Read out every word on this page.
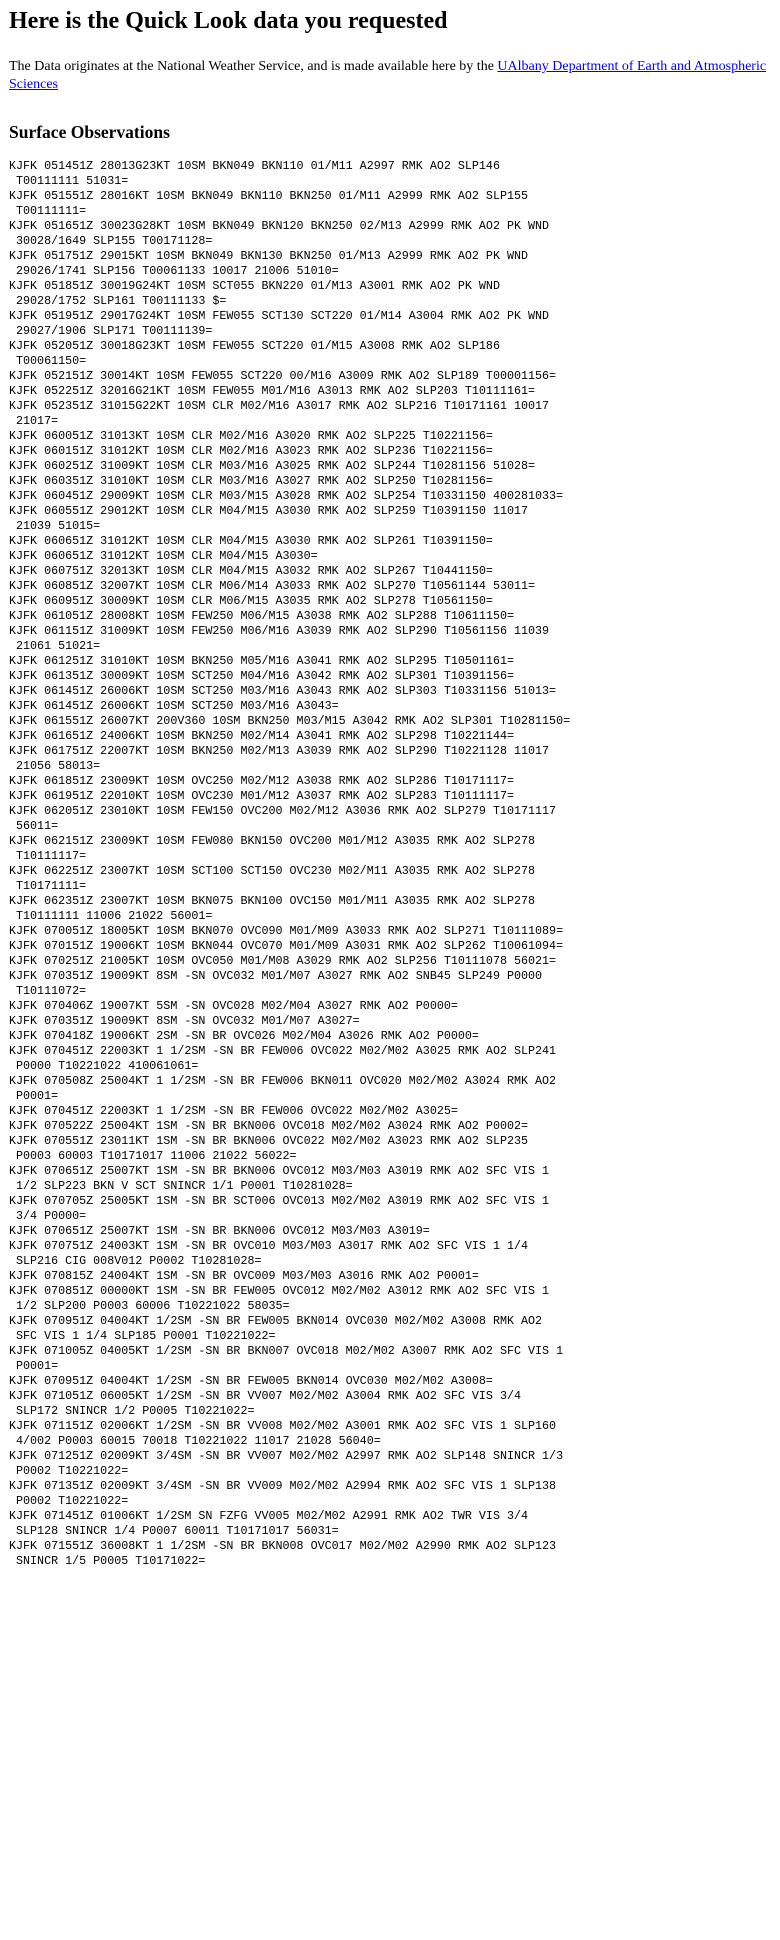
Here is the Quick Look data you requested

The Data originates at the National Weather Service, and is made available here by the UAlbany Department of Earth and Atmospheric Sciences

Surface Observations
KJFK 051451Z 28013G23KT 10SM BKN049 BKN110 01/M11 A2997 RMK AO2 SLP146
T00111111 51031=
KJFK 051551Z 28016KT 10SM BKN049 BKN110 BKN250 01/M11 A2999 RMK AO2 SLP155
T00111111=
KJFK 051651Z 30023G28KT 10SM BKN049 BKN120 BKN250 02/M13 A2999 RMK AO2 PK WND
30028/1649 SLP155 T00171128=
KJFK 051751Z 29015KT 10SM BKN049 BKN130 BKN250 01/M13 A2999 RMK AO2 PK WND
29026/1741 SLP156 T00061133 10017 21006 51010=
KJFK 051851Z 30019G24KT 10SM SCT055 BKN220 01/M13 A3001 RMK AO2 PK WND
29028/1752 SLP161 T00111133 $=
KJFK 051951Z 29017G24KT 10SM FEW055 SCT130 SCT220 01/M14 A3004 RMK AO2 PK WND
29027/1906 SLP171 T00111139=
KJFK 052051Z 30018G23KT 10SM FEW055 SCT220 01/M15 A3008 RMK AO2 SLP186
T00061150=
KJFK 052151Z 30014KT 10SM FEW055 SCT220 00/M16 A3009 RMK AO2 SLP189 T00001156=
KJFK 052251Z 32016G21KT 10SM FEW055 M01/M16 A3013 RMK AO2 SLP203 T10111161=
KJFK 052351Z 31015G22KT 10SM CLR M02/M16 A3017 RMK AO2 SLP216 T10171161 10017
21017=
KJFK 060051Z 31013KT 10SM CLR M02/M16 A3020 RMK AO2 SLP225 T10221156=
KJFK 060151Z 31012KT 10SM CLR M02/M16 A3023 RMK AO2 SLP236 T10221156=
KJFK 060251Z 31009KT 10SM CLR M03/M16 A3025 RMK AO2 SLP244 T10281156 51028=
KJFK 060351Z 31010KT 10SM CLR M03/M16 A3027 RMK AO2 SLP250 T10281156=
KJFK 060451Z 29009KT 10SM CLR M03/M15 A3028 RMK AO2 SLP254 T10331150 400281033=
KJFK 060551Z 29012KT 10SM CLR M04/M15 A3030 RMK AO2 SLP259 T10391150 11017
21039 51015=
KJFK 060651Z 31012KT 10SM CLR M04/M15 A3030 RMK AO2 SLP261 T10391150=
KJFK 060651Z 31012KT 10SM CLR M04/M15 A3030=
KJFK 060751Z 32013KT 10SM CLR M04/M15 A3032 RMK AO2 SLP267 T10441150=
KJFK 060851Z 32007KT 10SM CLR M06/M14 A3033 RMK AO2 SLP270 T10561144 53011=
KJFK 060951Z 30009KT 10SM CLR M06/M15 A3035 RMK AO2 SLP278 T10561150=
KJFK 061051Z 28008KT 10SM FEW250 M06/M15 A3038 RMK AO2 SLP288 T10611150=
KJFK 061151Z 31009KT 10SM FEW250 M06/M16 A3039 RMK AO2 SLP290 T10561156 11039
21061 51021=
KJFK 061251Z 31010KT 10SM BKN250 M05/M16 A3041 RMK AO2 SLP295 T10501161=
KJFK 061351Z 30009KT 10SM SCT250 M04/M16 A3042 RMK AO2 SLP301 T10391156=
KJFK 061451Z 26006KT 10SM SCT250 M03/M16 A3043 RMK AO2 SLP303 T10331156 51013=
KJFK 061451Z 26006KT 10SM SCT250 M03/M16 A3043=
KJFK 061551Z 26007KT 200V360 10SM BKN250 M03/M15 A3042 RMK AO2 SLP301 T10281150=
KJFK 061651Z 24006KT 10SM BKN250 M02/M14 A3041 RMK AO2 SLP298 T10221144=
KJFK 061751Z 22007KT 10SM BKN250 M02/M13 A3039 RMK AO2 SLP290 T10221128 11017
21056 58013=
KJFK 061851Z 23009KT 10SM OVC250 M02/M12 A3038 RMK AO2 SLP286 T10171117=
KJFK 061951Z 22010KT 10SM OVC230 M01/M12 A3037 RMK AO2 SLP283 T10111117=
KJFK 062051Z 23010KT 10SM FEW150 OVC200 M02/M12 A3036 RMK AO2 SLP279 T10171117
56011=
KJFK 062151Z 23009KT 10SM FEW080 BKN150 OVC200 M01/M12 A3035 RMK AO2 SLP278
T10111117=
KJFK 062251Z 23007KT 10SM SCT100 SCT150 OVC230 M02/M11 A3035 RMK AO2 SLP278
T10171111=
KJFK 062351Z 23007KT 10SM BKN075 BKN100 OVC150 M01/M11 A3035 RMK AO2 SLP278
T10111111 11006 21022 56001=
KJFK 070051Z 18005KT 10SM BKN070 OVC090 M01/M09 A3033 RMK AO2 SLP271 T10111089=
KJFK 070151Z 19006KT 10SM BKN044 OVC070 M01/M09 A3031 RMK AO2 SLP262 T10061094=
KJFK 070251Z 21005KT 10SM OVC050 M01/M08 A3029 RMK AO2 SLP256 T10111078 56021=
KJFK 070351Z 19009KT 8SM -SN OVC032 M01/M07 A3027 RMK AO2 SNB45 SLP249 P0000
T10111072=
KJFK 070406Z 19007KT 5SM -SN OVC028 M02/M04 A3027 RMK AO2 P0000=
KJFK 070351Z 19009KT 8SM -SN OVC032 M01/M07 A3027=
KJFK 070418Z 19006KT 2SM -SN BR OVC026 M02/M04 A3026 RMK AO2 P0000=
KJFK 070451Z 22003KT 1 1/2SM -SN BR FEW006 OVC022 M02/M02 A3025 RMK AO2 SLP241
P0000 T10221022 410061061=
KJFK 070508Z 25004KT 1 1/2SM -SN BR FEW006 BKN011 OVC020 M02/M02 A3024 RMK AO2
P0001=
KJFK 070451Z 22003KT 1 1/2SM -SN BR FEW006 OVC022 M02/M02 A3025=
KJFK 070522Z 25004KT 1SM -SN BR BKN006 OVC018 M02/M02 A3024 RMK AO2 P0002=
KJFK 070551Z 23011KT 1SM -SN BR BKN006 OVC022 M02/M02 A3023 RMK AO2 SLP235
P0003 60003 T10171017 11006 21022 56022=
KJFK 070651Z 25007KT 1SM -SN BR BKN006 OVC012 M03/M03 A3019 RMK AO2 SFC VIS 1
1/2 SLP223 BKN V SCT SNINCR 1/1 P0001 T10281028=
KJFK 070705Z 25005KT 1SM -SN BR SCT006 OVC013 M02/M02 A3019 RMK AO2 SFC VIS 1
3/4 P0000=
KJFK 070651Z 25007KT 1SM -SN BR BKN006 OVC012 M03/M03 A3019=
KJFK 070751Z 24003KT 1SM -SN BR OVC010 M03/M03 A3017 RMK AO2 SFC VIS 1 1/4
SLP216 CIG 008V012 P0002 T10281028=
KJFK 070815Z 24004KT 1SM -SN BR OVC009 M03/M03 A3016 RMK AO2 P0001=
KJFK 070851Z 00000KT 1SM -SN BR FEW005 OVC012 M02/M02 A3012 RMK AO2 SFC VIS 1
1/2 SLP200 P0003 60006 T10221022 58035=
KJFK 070951Z 04004KT 1/2SM -SN BR FEW005 BKN014 OVC030 M02/M02 A3008 RMK AO2
SFC VIS 1 1/4 SLP185 P0001 T10221022=
KJFK 071005Z 04005KT 1/2SM -SN BR BKN007 OVC018 M02/M02 A3007 RMK AO2 SFC VIS 1
P0001=
KJFK 070951Z 04004KT 1/2SM -SN BR FEW005 BKN014 OVC030 M02/M02 A3008=
KJFK 071051Z 06005KT 1/2SM -SN BR VV007 M02/M02 A3004 RMK AO2 SFC VIS 3/4
SLP172 SNINCR 1/2 P0005 T10221022=
KJFK 071151Z 02006KT 1/2SM -SN BR VV008 M02/M02 A3001 RMK AO2 SFC VIS 1 SLP160
4/002 P0003 60015 70018 T10221022 11017 21028 56040=
KJFK 071251Z 02009KT 3/4SM -SN BR VV007 M02/M02 A2997 RMK AO2 SLP148 SNINCR 1/3
P0002 T10221022=
KJFK 071351Z 02009KT 3/4SM -SN BR VV009 M02/M02 A2994 RMK AO2 SFC VIS 1 SLP138
P0002 T10221022=
KJFK 071451Z 01006KT 1/2SM SN FZFG VV005 M02/M02 A2991 RMK AO2 TWR VIS 3/4
SLP128 SNINCR 1/4 P0007 60011 T10171017 56031=
KJFK 071551Z 36008KT 1 1/2SM -SN BR BKN008 OVC017 M02/M02 A2990 RMK AO2 SLP123
SNINCR 1/5 P0005 T10171022=
